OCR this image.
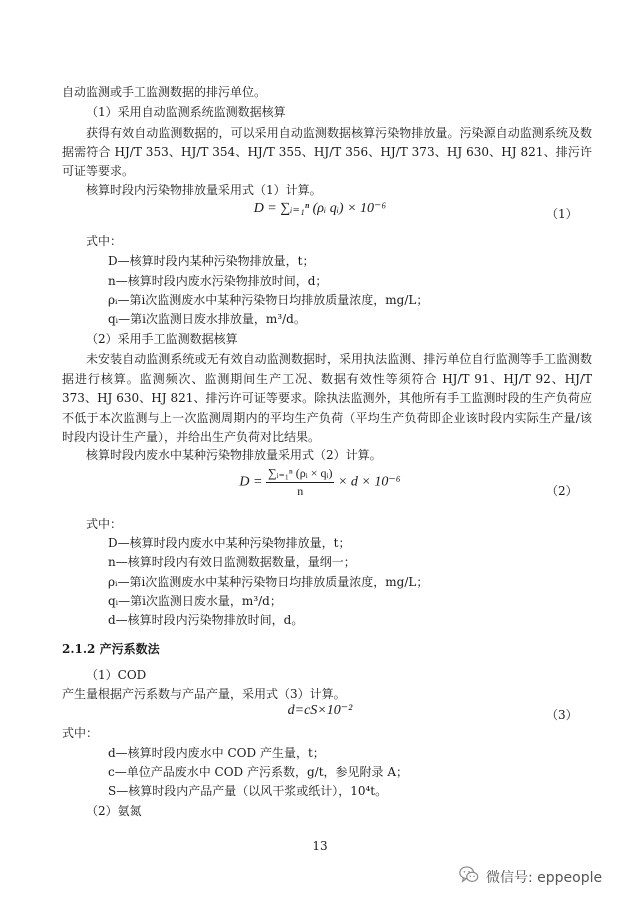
自动监测或手工监测数据的排污单位。
（1）采用自动监测系统监测数据核算
获得有效自动监测数据的，可以采用自动监测数据核算污染物排放量。污染源自动监测系统及数据需符合 HJ/T 353、HJ/T 354、HJ/T 355、HJ/T 356、HJ/T 373、HJ 630、HJ 821、排污许可证等要求。
核算时段内污染物排放量采用式（1）计算。
D = ∑ᵢ₌₁ⁿ (ρᵢ qᵢ) × 10⁻⁶	（1）
式中：
D—核算时段内某种污染物排放量，t；
n—核算时段内废水污染物排放时间，d；
ρᵢ—第i次监测废水中某种污染物日均排放质量浓度，mg/L；
qᵢ—第i次监测日废水排放量，m³/d。
（2）采用手工监测数据核算
未安装自动监测系统或无有效自动监测数据时，采用执法监测、排污单位自行监测等手工监测数据进行核算。监测频次、监测期间生产工况、数据有效性等须符合 HJ/T 91、HJ/T 92、HJ/T 373、HJ 630、HJ 821、排污许可证等要求。除执法监测外，其他所有手工监测时段的生产负荷应不低于本次监测与上一次监测周期内的平均生产负荷（平均生产负荷即企业该时段内实际生产量/该时段内设计生产量），并给出生产负荷对比结果。
核算时段内废水中某种污染物排放量采用式（2）计算。
$D = \frac{\text{∑ᵢ₌₁ⁿ (ρᵢ × qᵢ)}}{n} \times d \times 10^{-6}$
（2）
式中：
D—核算时段内废水中某种污染物排放量，t；
n—核算时段内有效日监测数据数量，量纲一；
ρᵢ—第i次监测废水中某种污染物日均排放质量浓度，mg/L；
qᵢ—第i次监测日废水量，m³/d；
d—核算时段内污染物排放时间，d。
2.1.2 产污系数法
（1）COD
产生量根据产污系数与产品产量，采用式（3）计算。
d=cS×10⁻²	（3）
式中：
d—核算时段内废水中 COD 产生量，t；
c—单位产品废水中 COD 产污系数，g/t，参见附录 A；
S—核算时段内产品产量（以风干浆或纸计），10⁴t。
（2）氨氮
13
微信号: eppeople
